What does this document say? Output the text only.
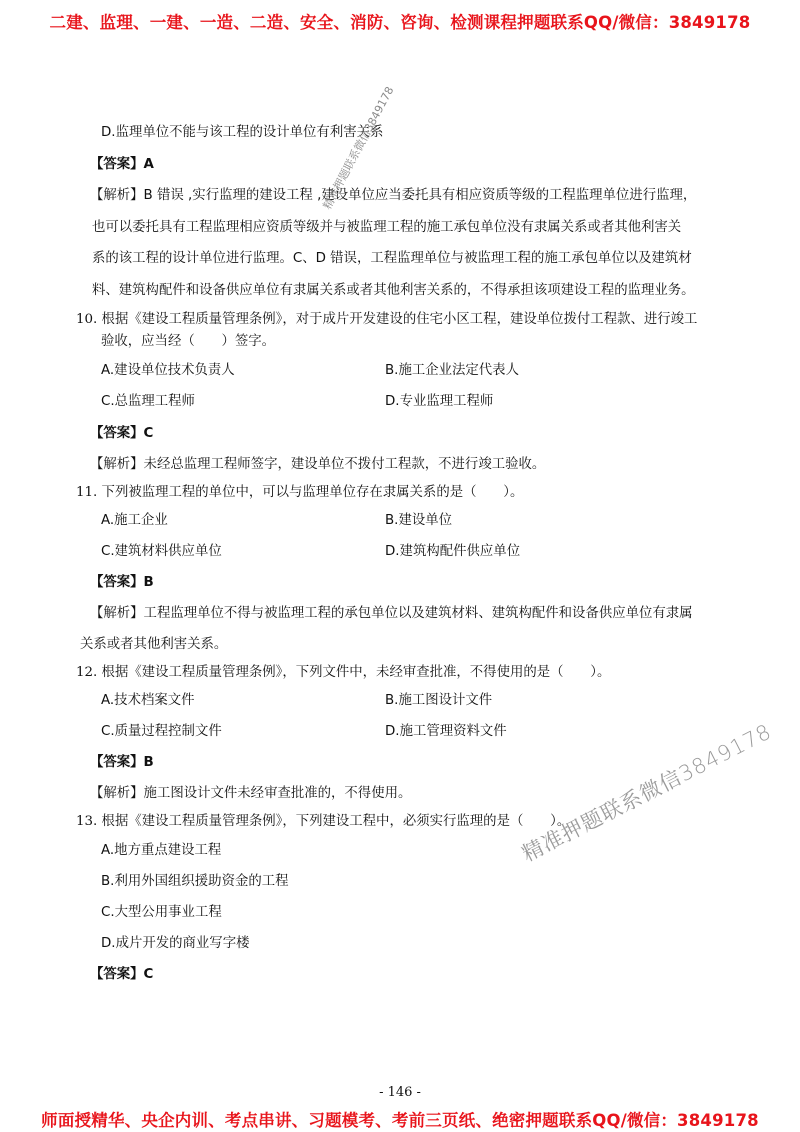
二建、监理、一建、一造、二造、安全、消防、咨询、检测课程押题联系QQ/微信：3849178
D.监理单位不能与该工程的设计单位有利害关系
【答案】A
【解析】B 错误 ,实行监理的建设工程 ,建设单位应当委托具有相应资质等级的工程监理单位进行监理，
也可以委托具有工程监理相应资质等级并与被监理工程的施工承包单位没有隶属关系或者其他利害关
系的该工程的设计单位进行监理。C、D 错误，工程监理单位与被监理工程的施工承包单位以及建筑材
料、建筑构配件和设备供应单位有隶属关系或者其他利害关系的，不得承担该项建设工程的监理业务。
10. 根据《建设工程质量管理条例》，对于成片开发建设的住宅小区工程，建设单位拨付工程款、进行竣工
验收，应当经（　　）签字。
A.建设单位技术负责人	B.施工企业法定代表人
C.总监理工程师	D.专业监理工程师
【答案】C
【解析】未经总监理工程师签字，建设单位不拨付工程款，不进行竣工验收。
11. 下列被监理工程的单位中，可以与监理单位存在隶属关系的是（　　）。
A.施工企业	B.建设单位
C.建筑材料供应单位	D.建筑构配件供应单位
【答案】B
【解析】工程监理单位不得与被监理工程的承包单位以及建筑材料、建筑构配件和设备供应单位有隶属
关系或者其他利害关系。
12. 根据《建设工程质量管理条例》，下列文件中，未经审查批准，不得使用的是（　　）。
A.技术档案文件	B.施工图设计文件
C.质量过程控制文件	D.施工管理资料文件
【答案】B
【解析】施工图设计文件未经审查批准的，不得使用。
13. 根据《建设工程质量管理条例》，下列建设工程中，必须实行监理的是（　　）。
A.地方重点建设工程
B.利用外国组织援助资金的工程
C.大型公用事业工程
D.成片开发的商业写字楼
【答案】C
精准押题联系微信3849178
精准押题联系微信3849178
- 146 -
师面授精华、央企内训、考点串讲、习题模考、考前三页纸、绝密押题联系QQ/微信：3849178
